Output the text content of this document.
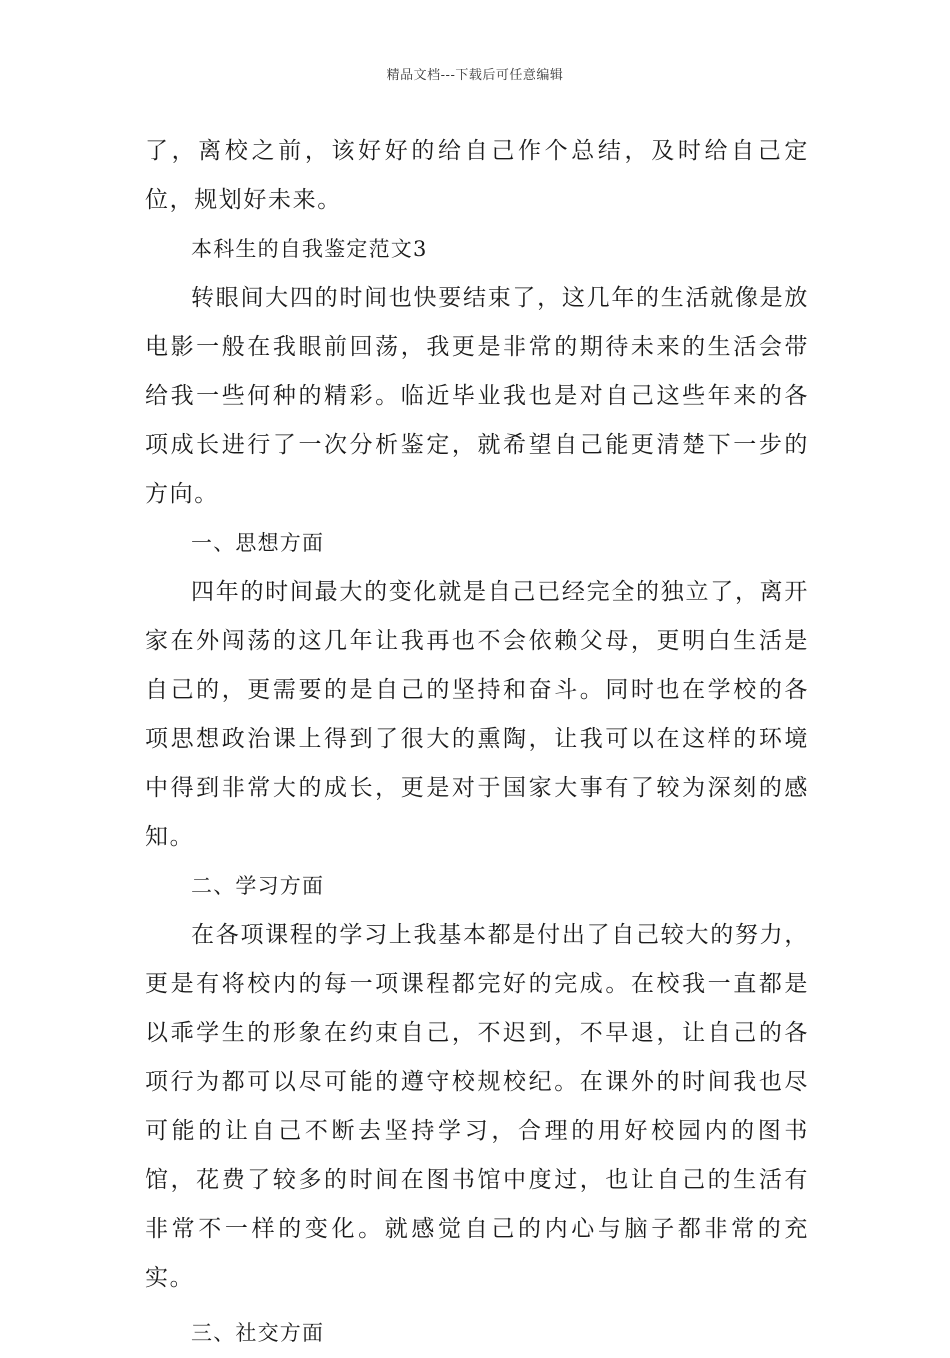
精品文档---下载后可任意编辑

了，离校之前，该好好的给自己作个总结，及时给自己定位，规划好未来。

本科生的自我鉴定范文3

转眼间大四的时间也快要结束了，这几年的生活就像是放电影一般在我眼前回荡，我更是非常的期待未来的生活会带给我一些何种的精彩。临近毕业我也是对自己这些年来的各项成长进行了一次分析鉴定，就希望自己能更清楚下一步的方向。

一、思想方面

四年的时间最大的变化就是自己已经完全的独立了，离开家在外闯荡的这几年让我再也不会依赖父母，更明白生活是自己的，更需要的是自己的坚持和奋斗。同时也在学校的各项思想政治课上得到了很大的熏陶，让我可以在这样的环境中得到非常大的成长，更是对于国家大事有了较为深刻的感知。

二、学习方面

在各项课程的学习上我基本都是付出了自己较大的努力，更是有将校内的每一项课程都完好的完成。在校我一直都是以乖学生的形象在约束自己，不迟到，不早退，让自己的各项行为都可以尽可能的遵守校规校纪。在课外的时间我也尽可能的让自己不断去坚持学习，合理的用好校园内的图书馆，花费了较多的时间在图书馆中度过，也让自己的生活有非常不一样的变化。就感觉自己的内心与脑子都非常的充实。

三、社交方面
